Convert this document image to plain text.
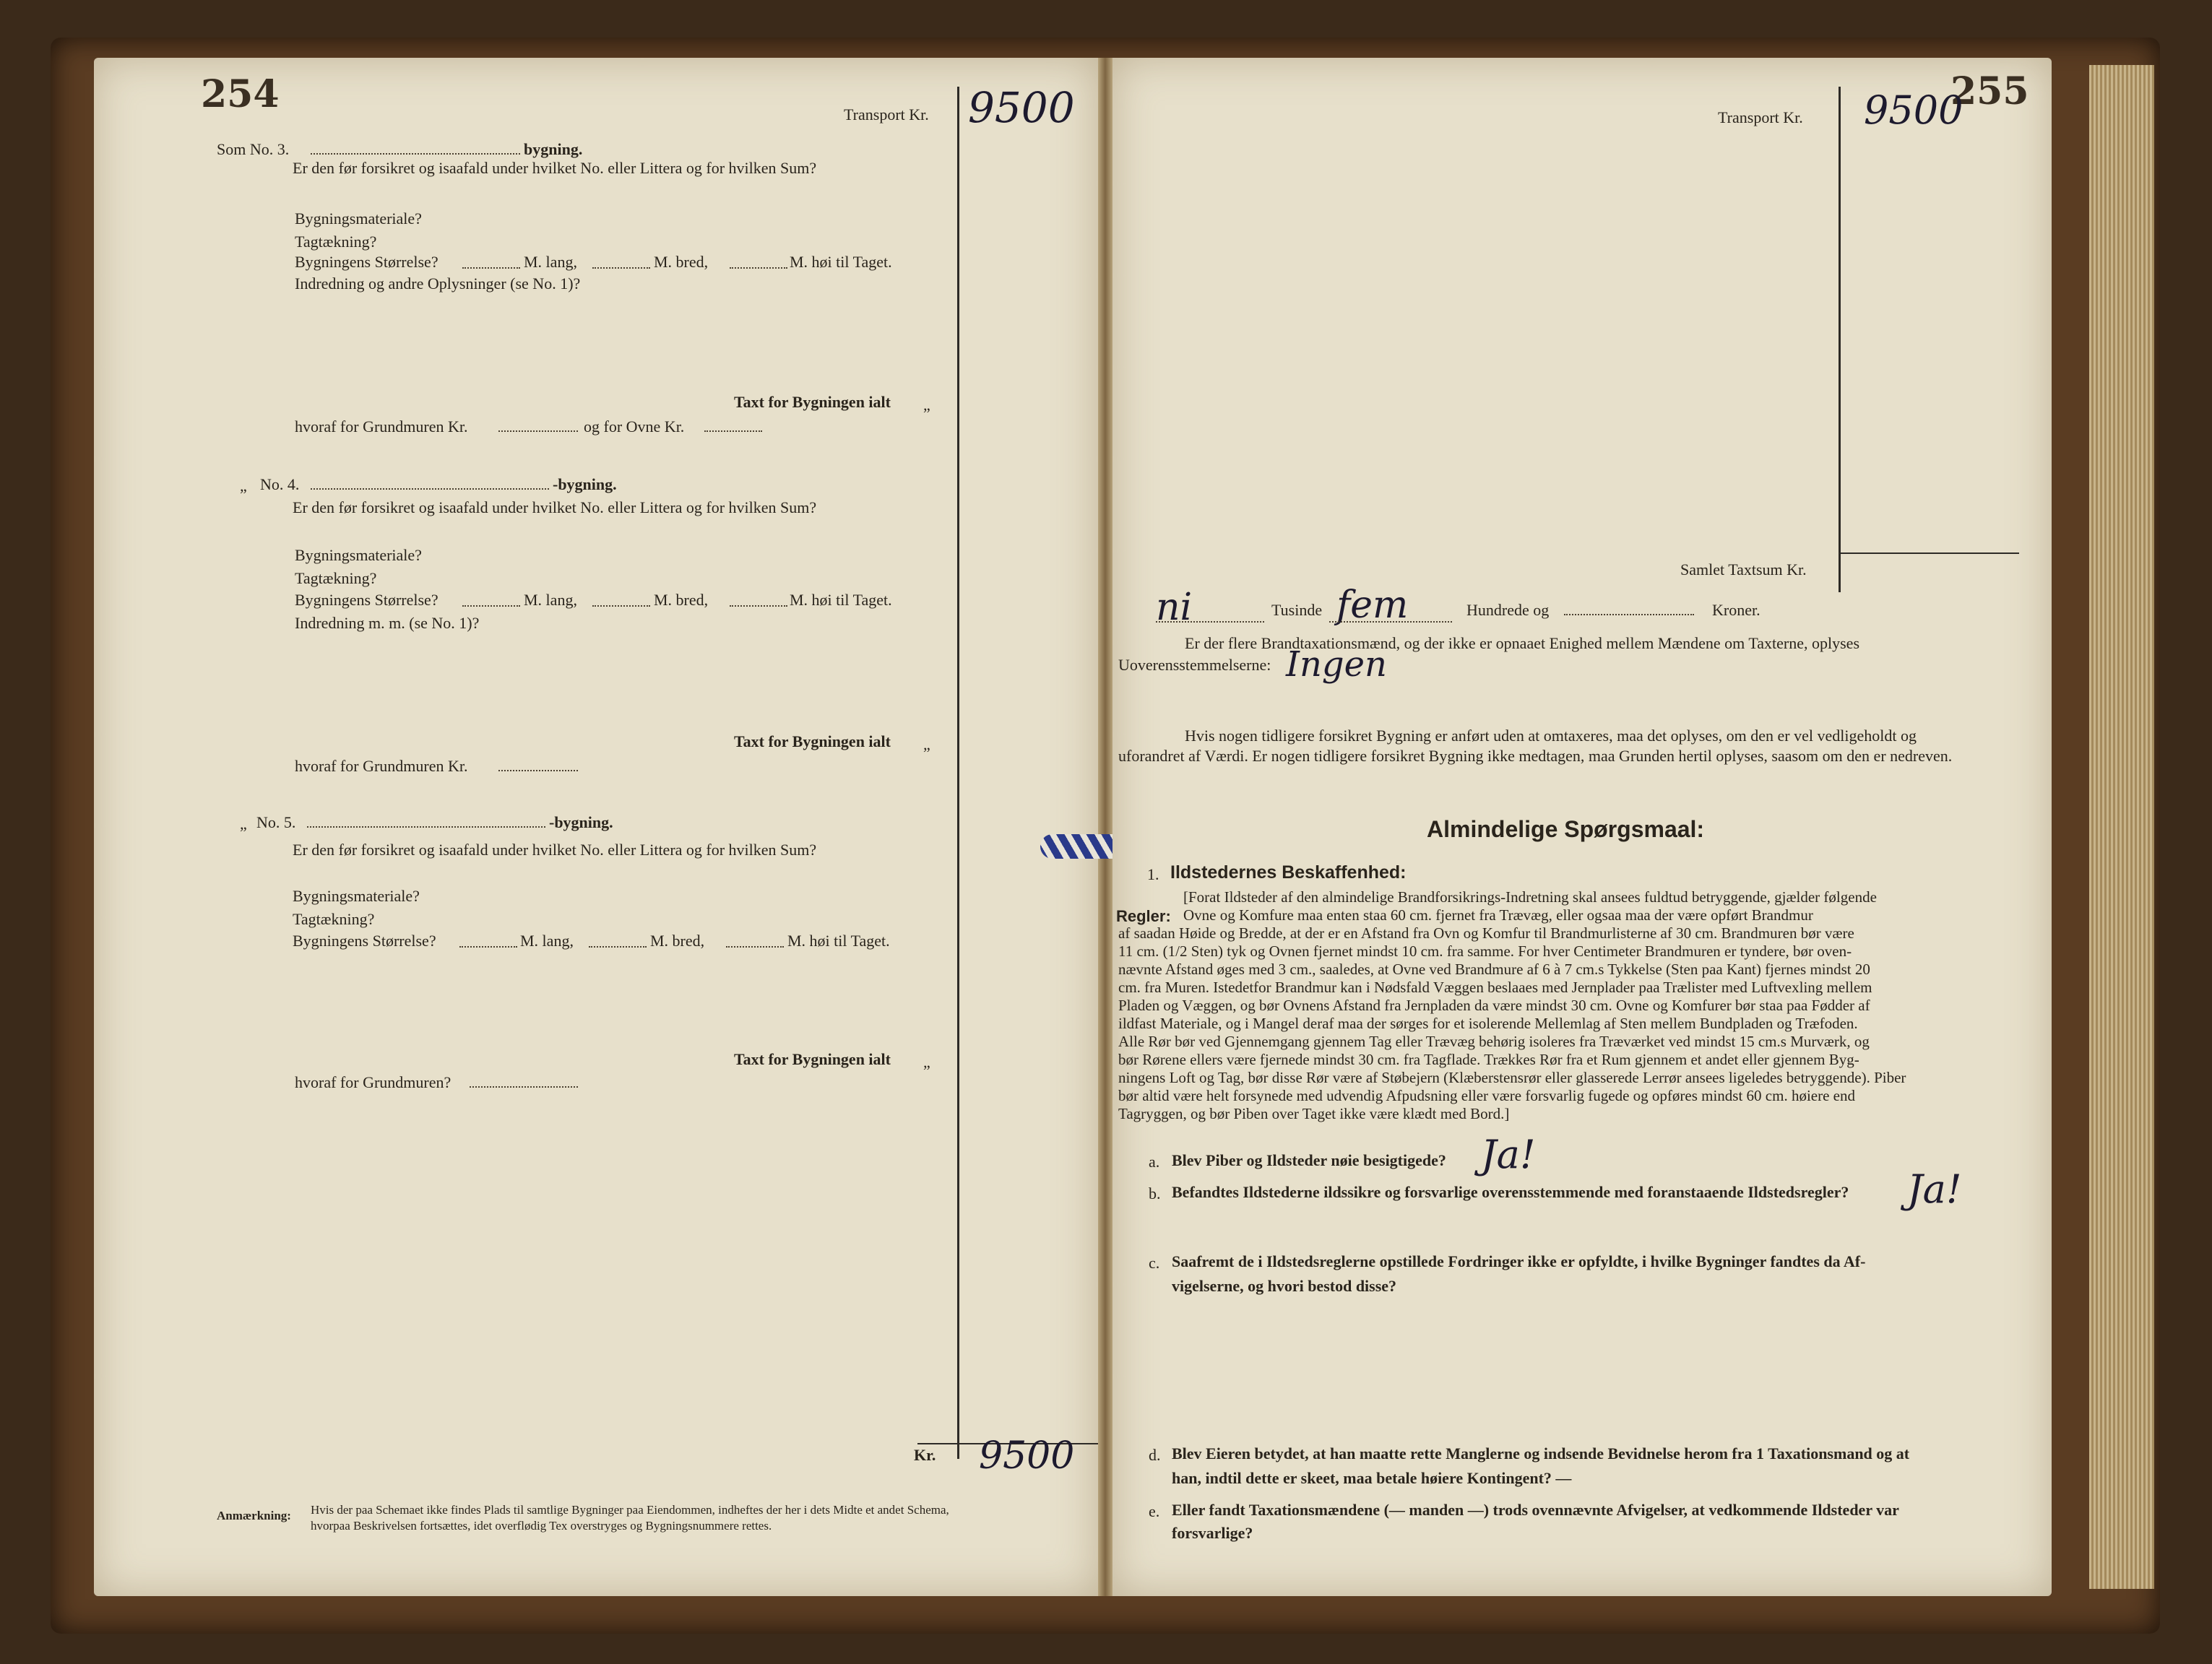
254	Transport Kr. 9500
Som No. 3.	bygning.
Er den før forsikret og isaafald under hvilket No. eller Littera og for hvilken Sum?
Bygningsmateriale?
Tagtækning?
Bygningens Størrelse?	M. lang,	M. bred,	M. høi til Taget.
Indredning og andre Oplysninger (se No. 1)?
Taxt for Bygningen ialt „
hvoraf for Grundmuren Kr.	og for Ovne Kr.
„ No. 4.	-bygning.
Er den før forsikret og isaafald under hvilket No. eller Littera og for hvilken Sum?
Bygningsmateriale?
Tagtækning?
Bygningens Størrelse?	M. lang,	M. bred,	M. høi til Taget.
Indredning m. m. (se No. 1)?
Taxt for Bygningen ialt „
hvoraf for Grundmuren Kr.
„ No. 5.	-bygning.
Er den før forsikret og isaafald under hvilket No. eller Littera og for hvilken Sum?
Bygningsmateriale?
Tagtækning?
Bygningens Størrelse?	M. lang,	M. bred,	M. høi til Taget.
Taxt for Bygningen ialt „
hvoraf for Grundmuren?
Kr. 9500
Anmærkning: Hvis der paa Schemaet ikke findes Plads til samtlige Bygninger paa Eiendommen, indheftes der her i dets Midte et andet Schema,
hvorpaa Beskrivelsen fortsættes, idet overflødig Tex overstryges og Bygningsnummere rettes.
255
Transport Kr. 9500
Samlet Taxtsum Kr.
ni	Tusinde fem	Hundrede og	Kroner.
Er der flere Brandtaxationsmænd, og der ikke er opnaaet Enighed mellem Mændene om Taxterne, oplyses
Uoverensstemmelserne: Ingen
Hvis nogen tidligere forsikret Bygning er anført uden at omtaxeres, maa det oplyses, om den er vel vedligeholdt og
uforandret af Værdi. Er nogen tidligere forsikret Bygning ikke medtagen, maa Grunden hertil oplyses, saasom om den er nedreven.
Almindelige Spørgsmaal:
1. Ildstedernes Beskaffenhed:
Regler:
[Forat Ildsteder af den almindelige Brandforsikrings-Indretning skal ansees fuldtud betryggende, gjælder følgende
Ovne og Komfure maa enten staa 60 cm. fjernet fra Trævæg, eller ogsaa maa der være opført Brandmur
af saadan Høide og Bredde, at der er en Afstand fra Ovn og Komfur til Brandmurlisterne af 30 cm. Brandmuren bør være
11 cm. (1/2 Sten) tyk og Ovnen fjernet mindst 10 cm. fra samme. For hver Centimeter Brandmuren er tyndere, bør oven-
nævnte Afstand øges med 3 cm., saaledes, at Ovne ved Brandmure af 6 à 7 cm.s Tykkelse (Sten paa Kant) fjernes mindst 20
cm. fra Muren. Istedetfor Brandmur kan i Nødsfald Væggen beslaaes med Jernplader paa Trælister med Luftvexling mellem
Pladen og Væggen, og bør Ovnens Afstand fra Jernpladen da være mindst 30 cm. Ovne og Komfurer bør staa paa Fødder af
ildfast Materiale, og i Mangel deraf maa der sørges for et isolerende Mellemlag af Sten mellem Bundpladen og Træfoden.
Alle Rør bør ved Gjennemgang gjennem Tag eller Trævæg behørig isoleres fra Træværket ved mindst 15 cm.s Murværk, og
bør Rørene ellers være fjernede mindst 30 cm. fra Tagflade. Trækkes Rør fra et Rum gjennem et andet eller gjennem Byg-
ningens Loft og Tag, bør disse Rør være af Støbejern (Klæberstensrør eller glasserede Lerrør ansees ligeledes betryggende). Piber
bør altid være helt forsynede med udvendig Afpudsning eller være forsvarlig fugede og opføres mindst 60 cm. høiere end
Tagryggen, og bør Piben over Taget ikke være klædt med Bord.]
a. Blev Piber og Ildsteder nøie besigtigede? Ja!
b. Befandtes Ildstederne ildssikre og forsvarlige overensstemmende med foranstaaende Ildstedsregler? Ja!
c. Saafremt de i Ildstedsreglerne opstillede Fordringer ikke er opfyldte, i hvilke Bygninger fandtes da Af-
vigelserne, og hvori bestod disse?
d. Blev Eieren betydet, at han maatte rette Manglerne og indsende Bevidnelse herom fra 1 Taxationsmand og at
han, indtil dette er skeet, maa betale høiere Kontingent? —
e. Eller fandt Taxationsmændene (— manden —) trods ovennævnte Afvigelser, at vedkommende Ildsteder var
forsvarlige?
